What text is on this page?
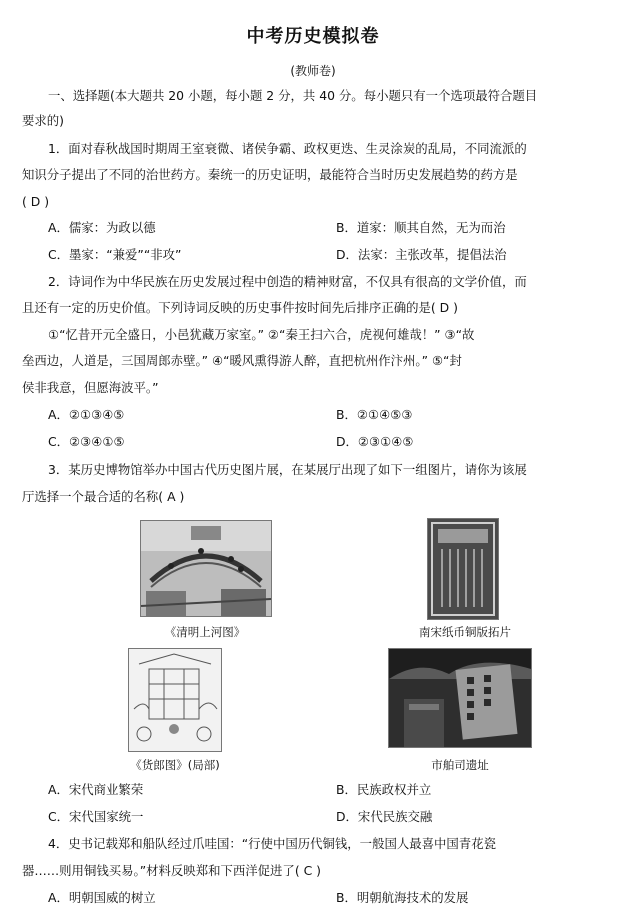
中考历史模拟卷
(教师卷)
一、选择题(本大题共 20 小题，每小题 2 分，共 40 分。每小题只有一个选项最符合题目
要求的)
1．面对春秋战国时期周王室衰微、诸侯争霸、政权更迭、生灵涂炭的乱局，不同流派的
知识分子提出了不同的治世药方。秦统一的历史证明，最能符合当时历史发展趋势的药方是
( D )
A．儒家：为政以德	B．道家：顺其自然，无为而治
C．墨家：“兼爱”“非攻”	D．法家：主张改革，提倡法治
2．诗词作为中华民族在历史发展过程中创造的精神财富，不仅具有很高的文学价值，而
且还有一定的历史价值。下列诗词反映的历史事件按时间先后排序正确的是( D )
①“忆昔开元全盛日，小邑犹藏万家室。” ②“秦王扫六合，虎视何雄哉！” ③“故
垒西边，人道是，三国周郎赤壁。” ④“暖风熏得游人醉，直把杭州作汴州。” ⑤“封
侯非我意，但愿海波平。”
A．②①③④⑤	B．②①④⑤③
C．②③④①⑤	D．②③①④⑤
3．某历史博物馆举办中国古代历史图片展，在某展厅出现了如下一组图片，请你为该展
厅选择一个最合适的名称( A )
《清明上河图》	南宋纸币铜版拓片
《货郎图》(局部)	市舶司遗址
A．宋代商业繁荣	B．民族政权并立
C．宋代国家统一	D．宋代民族交融
4．史书记载郑和船队经过爪哇国：“行使中国历代铜钱，一般国人最喜中国青花瓷
器……则用铜钱买易。”材料反映郑和下西洋促进了( C )
A．明朝国威的树立	B．明朝航海技术的发展
